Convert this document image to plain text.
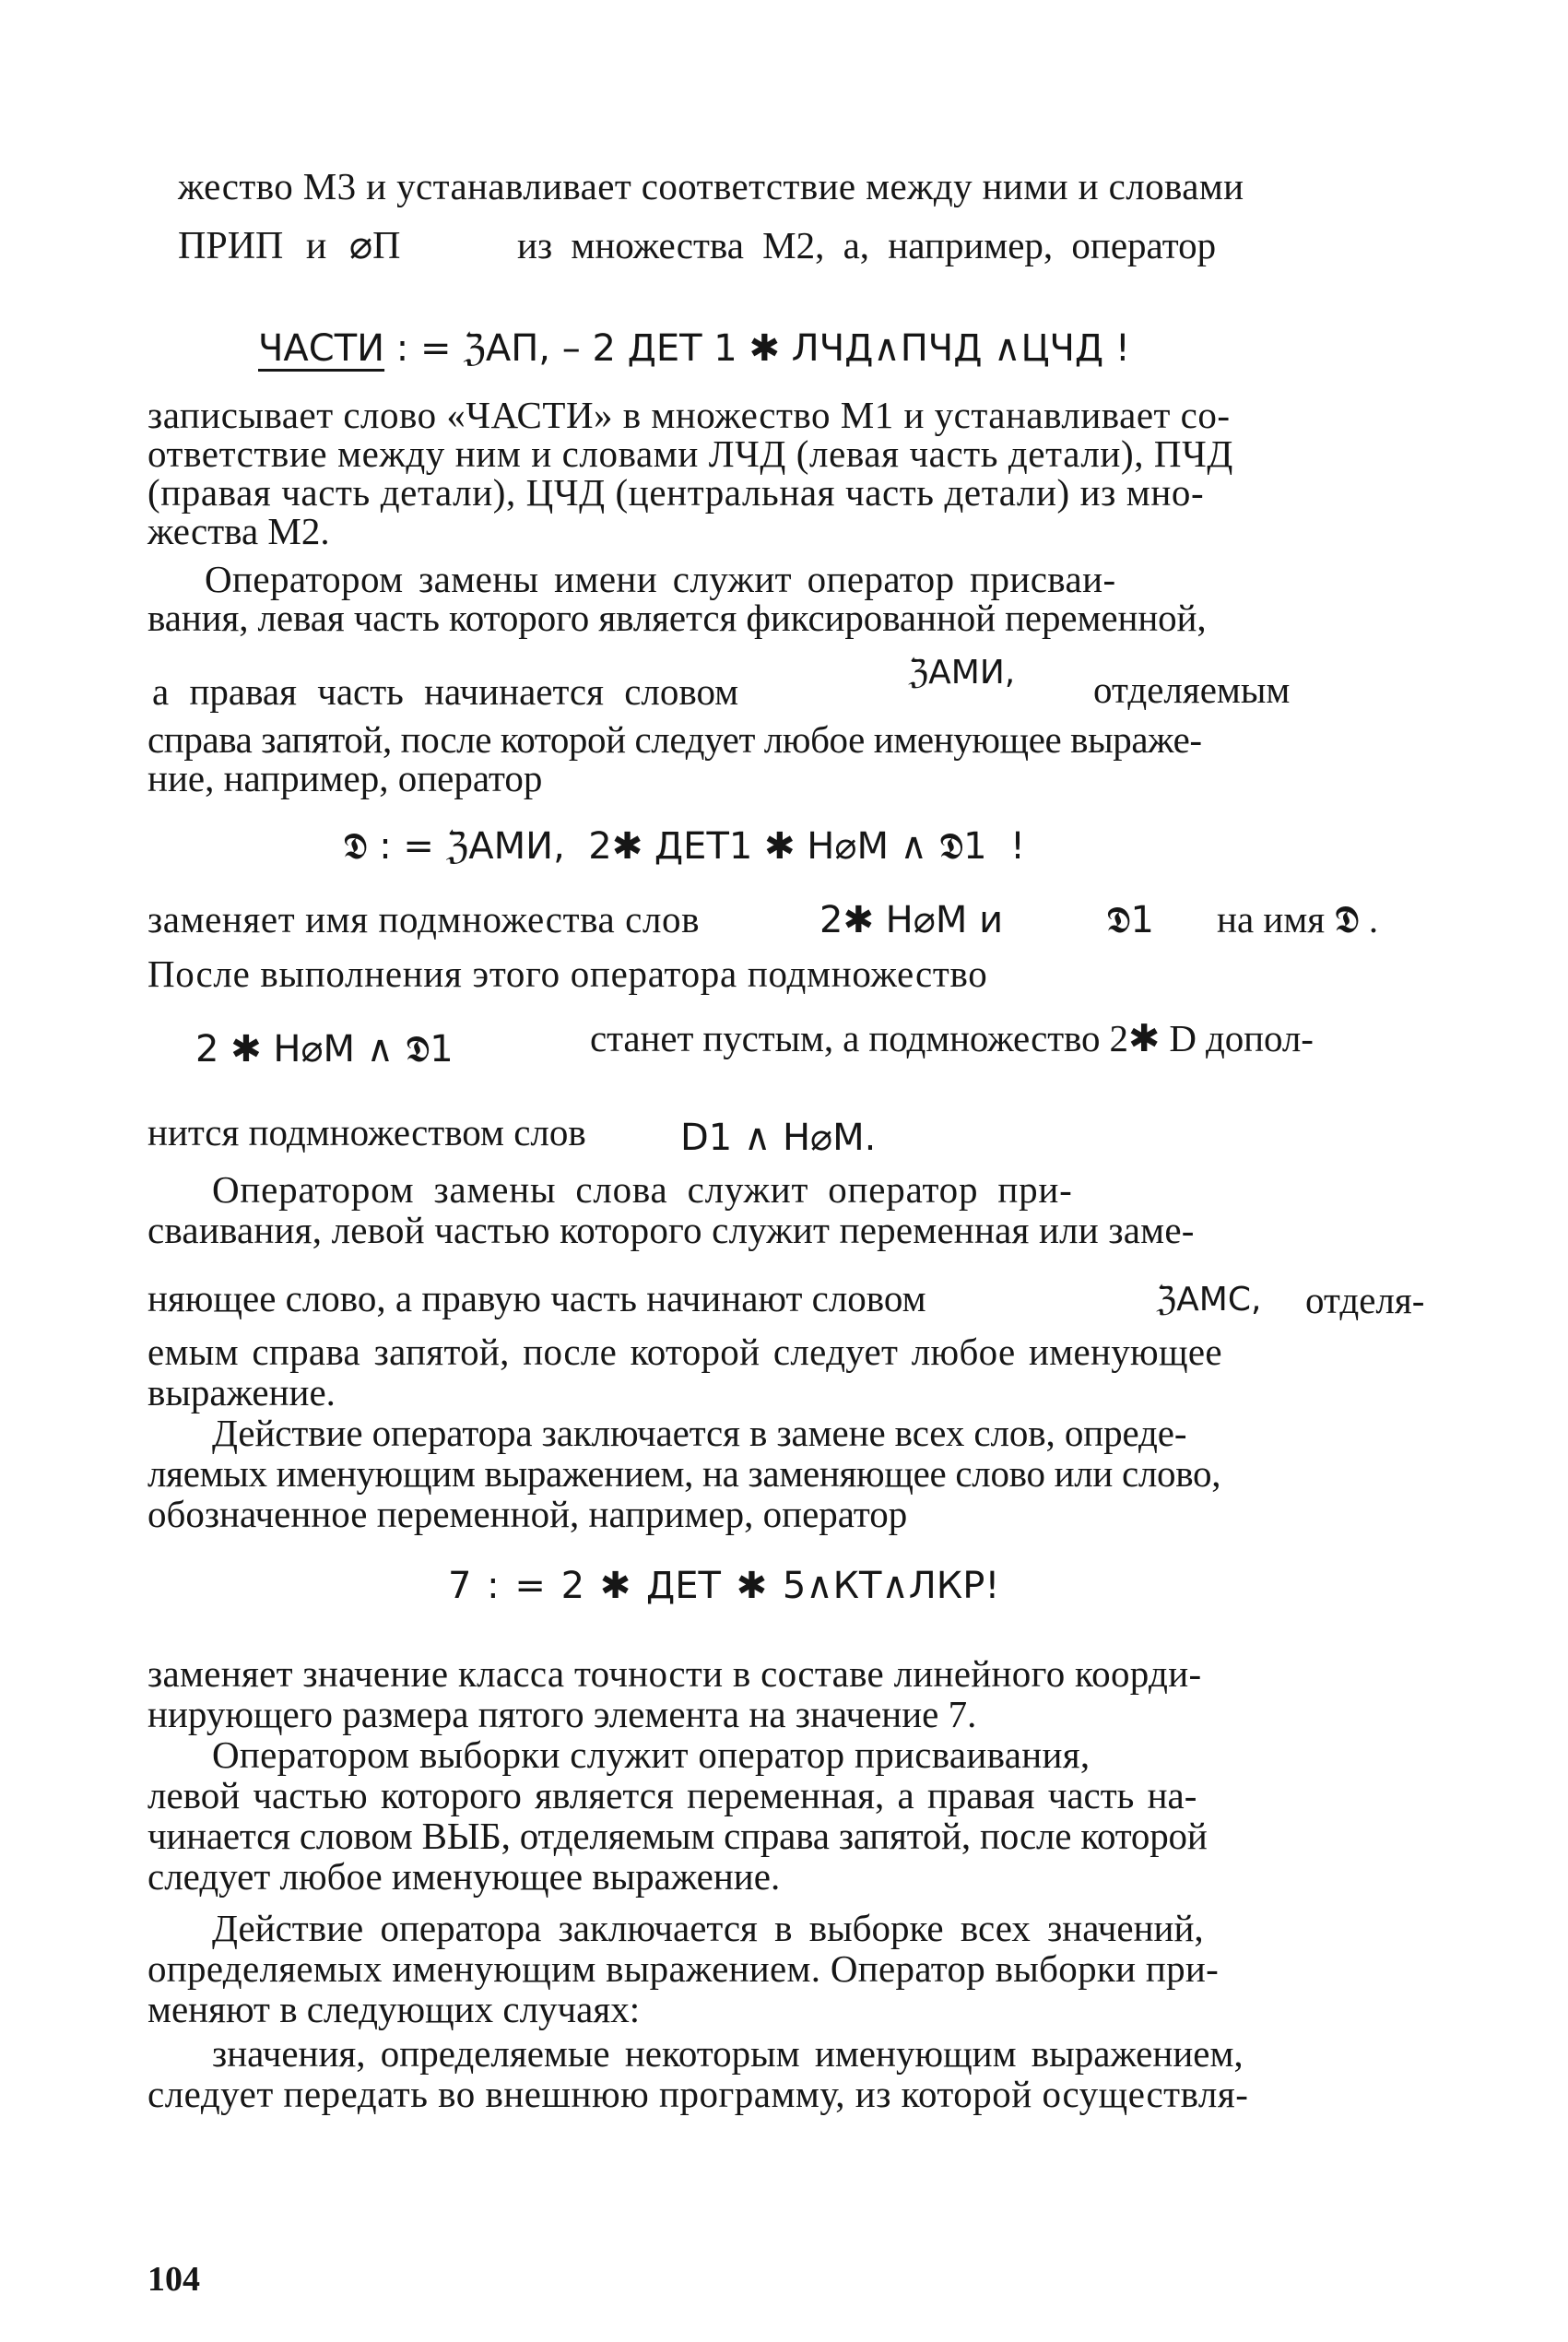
жество М3 и устанавливает соответствие между ними и словами

ПРИП и ⌀П	из множества М2, а, например, оператор

ЧАСТИ : = ℨАП, – 2 ДЕТ 1 ✱ ЛЧД∧ПЧД ∧ЦЧД !

записывает слово «ЧАСТИ» в множество М1 и устанавливает со-

ответствие между ним и словами ЛЧД (левая часть детали), ПЧД

(правая часть детали), ЦЧД (центральная часть детали) из мно-

жества М2.

Оператором замены имени служит оператор присваи-

вания, левая часть которого является фиксированной переменной,

а правая часть начинается словом	ℨАМИ, отделяемым

справа запятой, после которой следует любое именующее выраже-

ние, например, оператор

𝕯 : = ℨАМИ,  2✱ ДЕТ1 ✱ Н⌀М ∧ 𝕯1  !

заменяет имя подмножества слов	2✱ Н⌀М и	𝕯1 на имя 𝕯 .

После выполнения этого оператора подмножество

2 ✱ Н⌀М ∧ 𝕯1	станет пустым, а подмножество 2✱ D допол-

нится подмножеством слов	D1 ∧ Н⌀М.

Оператором замены слова служит оператор при-

сваивания, левой частью которого служит переменная или заме-

няющее слово, а правую часть начинают словом	ℨАМС, отделя-

емым справа запятой, после которой следует любое именующее

выражение.

Действие оператора заключается в замене всех слов, опреде-

ляемых именующим выражением, на заменяющее слово или слово,

обозначенное переменной, например, оператор

7 : = 2 ✱ ДЕТ ✱ 5∧КТ∧ЛКР!

заменяет значение класса точности в составе линейного коорди-

нирующего размера пятого элемента на значение 7.

Оператором выборки служит оператор присваивания,

левой частью которого является переменная, а правая часть на-

чинается словом ВЫБ, отделяемым справа запятой, после которой

следует любое именующее выражение.

Действие оператора заключается в выборке всех значений,

определяемых именующим выражением. Оператор выборки при-

меняют в следующих случаях:

значения, определяемые некоторым именующим выражением,

следует передать во внешнюю программу, из которой осуществля-

104
